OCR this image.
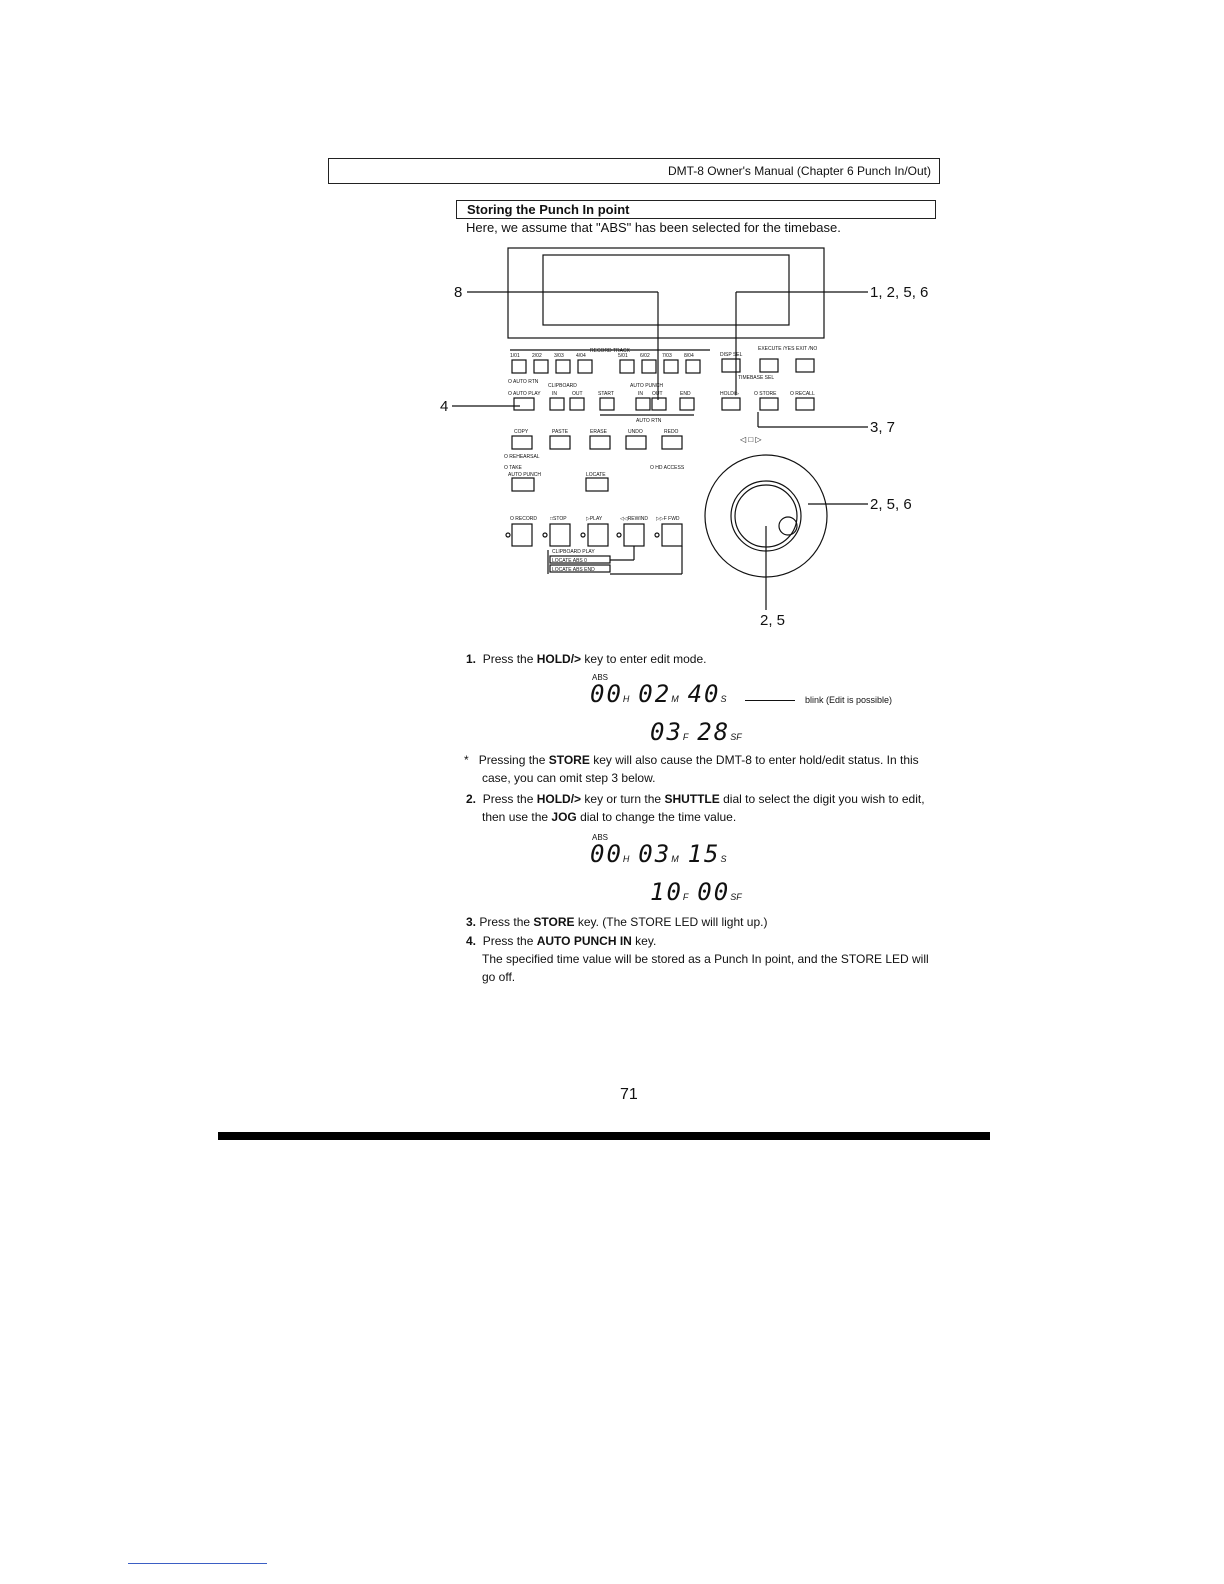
DMT-8 Owner's Manual (Chapter 6 Punch In/Out)
Storing the Punch In point
Here, we assume that "ABS" has been selected for the timebase.
RECORD TRACK
1/01 2/02 3/03 4/04	5/01 6/02 7/03 8/04
O AUTO RTN
O AUTO PLAY
CLIPBOARD	AUTO PUNCH
IN	OUT	START	IN OUT	END
AUTO RTN
DISP SEL
EXECUTE /YES EXIT /NO
TIMEBASE SEL
HOLD/▷	O STORE	O RECALL
COPY	PASTE	ERASE	UNDO	REDO
O REHEARSAL
O TAKE
AUTO PUNCH	LOCATE
O HD ACCESS
O RECORD	□STOP	▷PLAY	◁◁REWIND ▷▷F FWD
CLIPBOARD PLAY
LOCATE ABS 0
LOCATE ABS END
◁ □ ▷
8	1, 2, 5, 6
4
3, 7
2, 5, 6
2, 5
1. Press the HOLD/> key to enter edit mode.
ABS
00H 02M 40S	blink (Edit is possible)
03F 28SF
* Pressing the STORE key will also cause the DMT-8 to enter hold/edit status. In this
case, you can omit step 3 below.
2. Press the HOLD/> key or turn the SHUTTLE dial to select the digit you wish to edit,
then use the JOG dial to change the time value.
ABS
00H 03M 15S
10F 00SF
3. Press the STORE key. (The STORE LED will light up.)
4. Press the AUTO PUNCH IN key.
The specified time value will be stored as a Punch In point, and the STORE LED will
go off.
71
